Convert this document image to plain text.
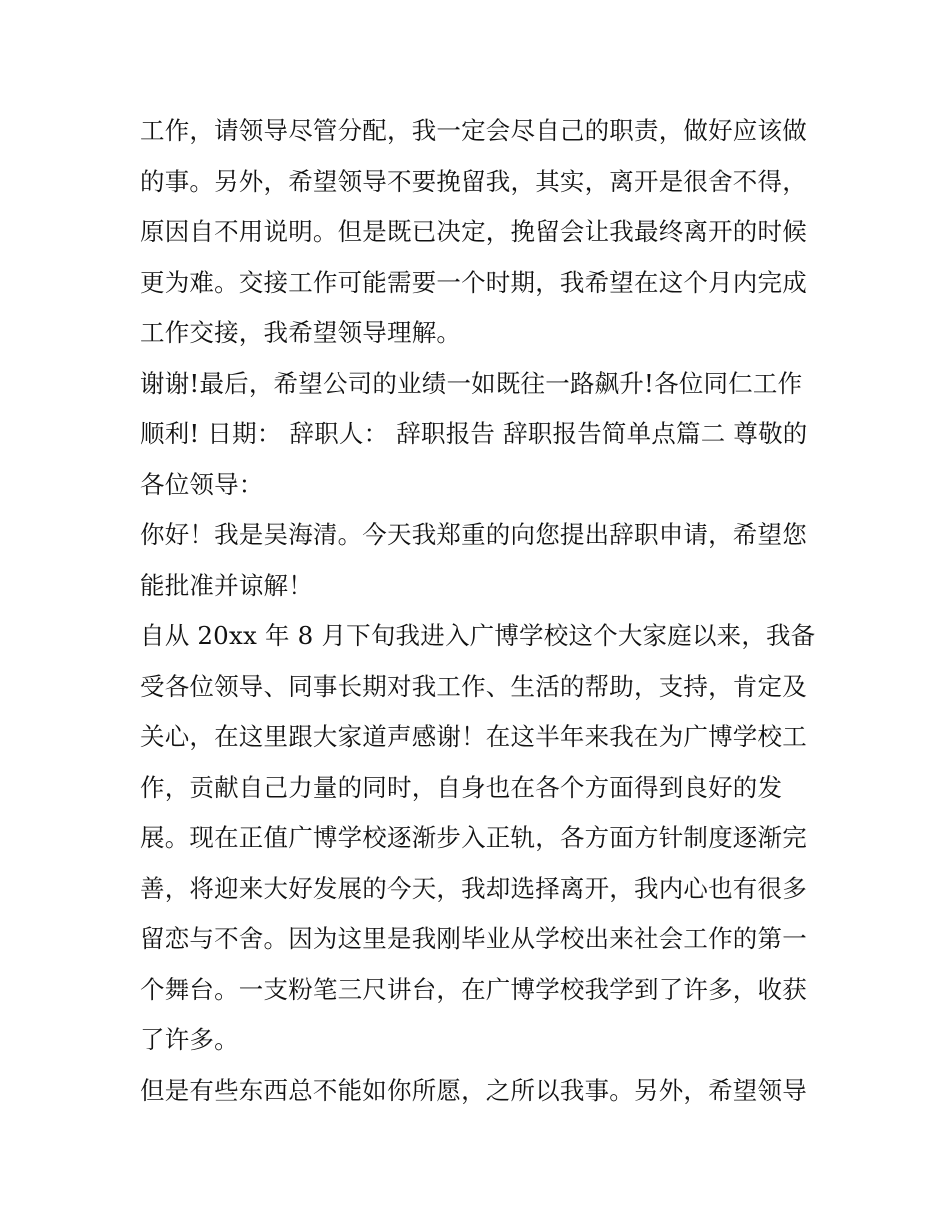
工作，请领导尽管分配，我一定会尽自己的职责，做好应该做
的事。另外，希望领导不要挽留我，其实，离开是很舍不得，
原因自不用说明。但是既已决定，挽留会让我最终离开的时候
更为难。交接工作可能需要一个时期，我希望在这个月内完成
工作交接，我希望领导理解。
谢谢!最后，希望公司的业绩一如既往一路飙升!各位同仁工作
顺利! 日期： 辞职人： 辞职报告 辞职报告简单点篇二 尊敬的
各位领导：
你好！我是吴海清。今天我郑重的向您提出辞职申请，希望您
能批准并谅解！
自从 20xx 年 8 月下旬我进入广博学校这个大家庭以来，我备
受各位领导、同事长期对我工作、生活的帮助，支持，肯定及
关心，在这里跟大家道声感谢！在这半年来我在为广博学校工
作，贡献自己力量的同时，自身也在各个方面得到良好的发
展。现在正值广博学校逐渐步入正轨，各方面方针制度逐渐完
善，将迎来大好发展的今天，我却选择离开，我内心也有很多
留恋与不舍。因为这里是我刚毕业从学校出来社会工作的第一
个舞台。一支粉笔三尺讲台，在广博学校我学到了许多，收获
了许多。
但是有些东西总不能如你所愿，之所以我事。另外，希望领导
